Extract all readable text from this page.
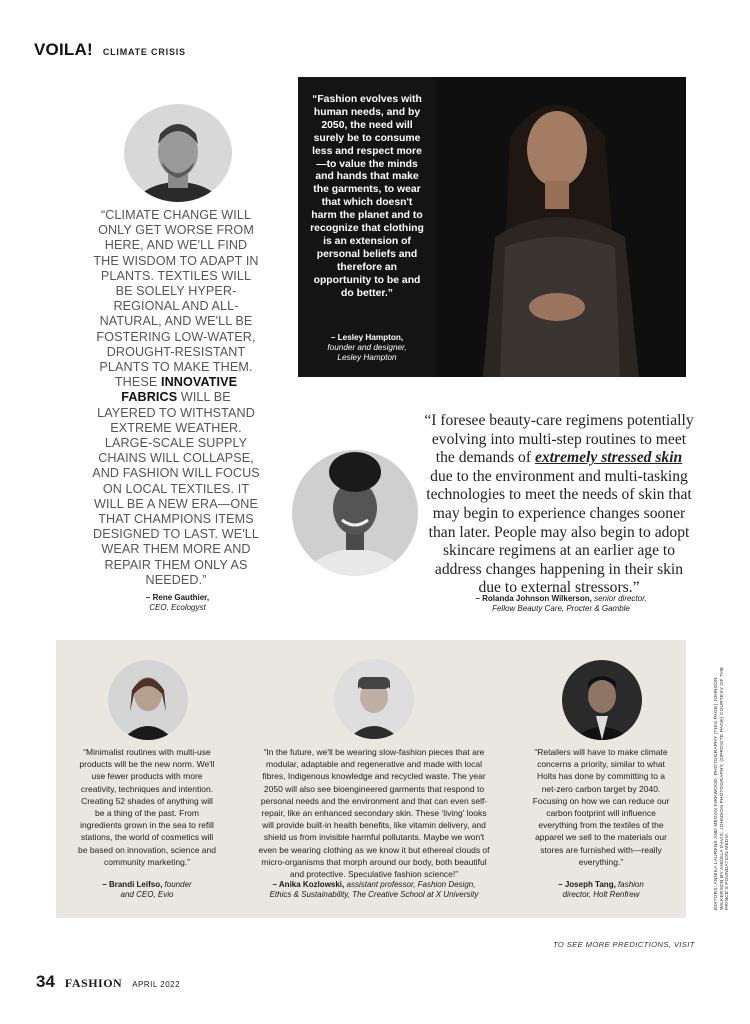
VOILA! CLIMATE CRISIS
“CLIMATE CHANGE WILL ONLY GET WORSE FROM HERE, AND WE'LL FIND THE WISDOM TO ADAPT IN PLANTS. TEXTILES WILL BE SOLELY HYPER-REGIONAL AND ALL-NATURAL, AND WE'LL BE FOSTERING LOW-WATER, DROUGHT-RESISTANT PLANTS TO MAKE THEM. THESE INNOVATIVE FABRICS WILL BE LAYERED TO WITHSTAND EXTREME WEATHER. LARGE-SCALE SUPPLY CHAINS WILL COLLAPSE, AND FASHION WILL FOCUS ON LOCAL TEXTILES. IT WILL BE A NEW ERA—ONE THAT CHAMPIONS ITEMS DESIGNED TO LAST. WE'LL WEAR THEM MORE AND REPAIR THEM ONLY AS NEEDED.”
– Rene Gauthier,
CEO, Ecologyst
“Fashion evolves with human needs, and by 2050, the need will surely be to consume less and respect more—to value the minds and hands that make the garments, to wear that which doesn't harm the planet and to recognize that clothing is an extension of personal beliefs and therefore an opportunity to be and do better.”
– Lesley Hampton,
founder and designer,
Lesley Hampton
“I foresee beauty-care regimens potentially evolving into multi-step routines to meet the demands of extremely stressed skin due to the environment and multi-tasking technologies to meet the needs of skin that may begin to experience changes sooner than later. People may also begin to adopt skincare regimens at an earlier age to address changes happening in their skin due to external stressors.”
– Rolanda Johnson Wilkerson, senior director,
Fellow Beauty Care, Procter & Gamble
“Minimalist routines with multi-use products will be the new norm. We'll use fewer products with more creativity, techniques and intention. Creating 52 shades of anything will be a thing of the past. From ingredients grown in the sea to refill stations, the world of cosmetics will be based on innovation, science and community marketing.”
– Brandi Leifso, founder
and CEO, Evio
“In the future, we'll be wearing slow-fashion pieces that are modular, adaptable and regenerative and made with local fibres, Indigenous knowledge and recycled waste. The year 2050 will also see bioengineered garments that respond to personal needs and the environment and that can even self-repair, like an enhanced secondary skin. These ‘living’ looks will provide built-in health benefits, like vitamin delivery, and shield us from invisible harmful pollutants. Maybe we won't even be wearing clothing as we know it but ethereal clouds of micro-organisms that morph around our body, both beautiful and protective. Speculative fashion science!”
– Anika Kozlowski, assistant professor, Fashion Design,
Ethics & Sustainability, The Creative School at X University
“Retailers will have to make climate concerns a priority, similar to what Holts has done by committing to a net-zero carbon target by 2040. Focusing on how we can reduce our carbon footprint will influence everything from the textiles of the apparel we sell to the materials our stores are furnished with—really everything.”
– Joseph Tang, fashion
director, Holt Renfrew	EDITORS: ANNIKA LAURENS AND MEGAN KIRKWOOD. PHOTOGRAPHY (THIS PAGE) JOHNSON WILKERSON BY ANGELA DAVIS; JOHNSON PHOTOGRAPHY. (OPPOSITE PAGE) COURTESY OF THE PRINCE'S FOUNDATION MEDIA.
TO SEE MORE PREDICTIONS, VISIT
34 FASHION APRIL 2022
